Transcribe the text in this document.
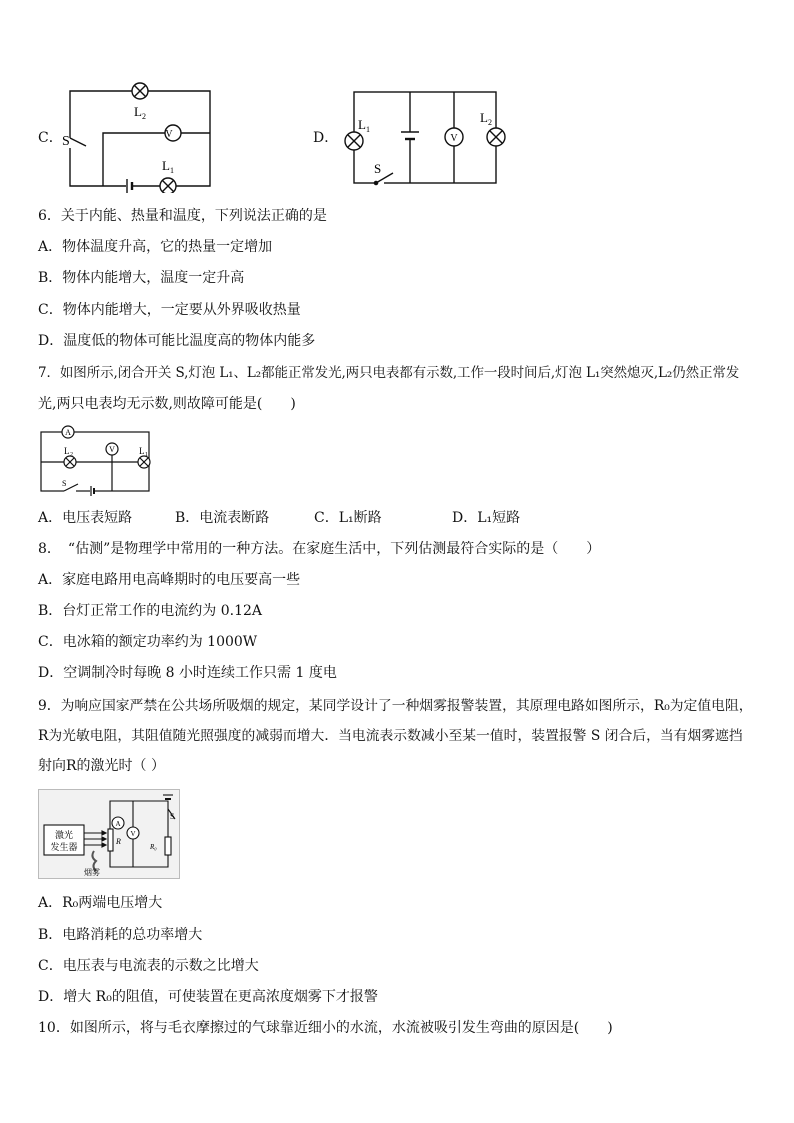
C． S	V
L 2
L 1
D．
L 1
V
L 2
S
6．关于内能、热量和温度，下列说法正确的是
A．物体温度升高，它的热量一定增加
B．物体内能增大，温度一定升高
C．物体内能增大，一定要从外界吸收热量
D．温度低的物体可能比温度高的物体内能多
7．如图所示,闭合开关 S,灯泡 L₁、L₂都能正常发光,两只电表都有示数,工作一段时间后,灯泡 L₁突然熄灭,L₂仍然正常发
光,两只电表均无示数,则故障可能是(　　)
A
V
L 2	L 1
S
A．电压表短路	B．电流表断路	C．L₁断路	D．L₁短路
8．　“估测”是物理学中常用的一种方法。在家庭生活中，下列估测最符合实际的是（　　）
A．家庭电路用电高峰期时的电压要高一些
B．台灯正常工作的电流约为 0.12A
C．电冰箱的额定功率约为 1000W
D．空调制冷时每晚 8 小时连续工作只需 1 度电
9．为响应国家严禁在公共场所吸烟的规定，某同学设计了一种烟雾报警装置，其原理电路如图所示，R₀为定值电阻，
R为光敏电阻，其阻值随光照强度的减弱而增大．当电流表示数减小至某一值时，装置报警 S 闭合后，当有烟雾遮挡
射向R的激光时（ ）
激光
发生器
烟雾
A
V
R
R₀
S
A．R₀两端电压增大
B．电路消耗的总功率增大
C．电压表与电流表的示数之比增大
D．增大 R₀的阻值，可使装置在更高浓度烟雾下才报警
10．如图所示，将与毛衣摩擦过的气球靠近细小的水流，水流被吸引发生弯曲的原因是(　　)
